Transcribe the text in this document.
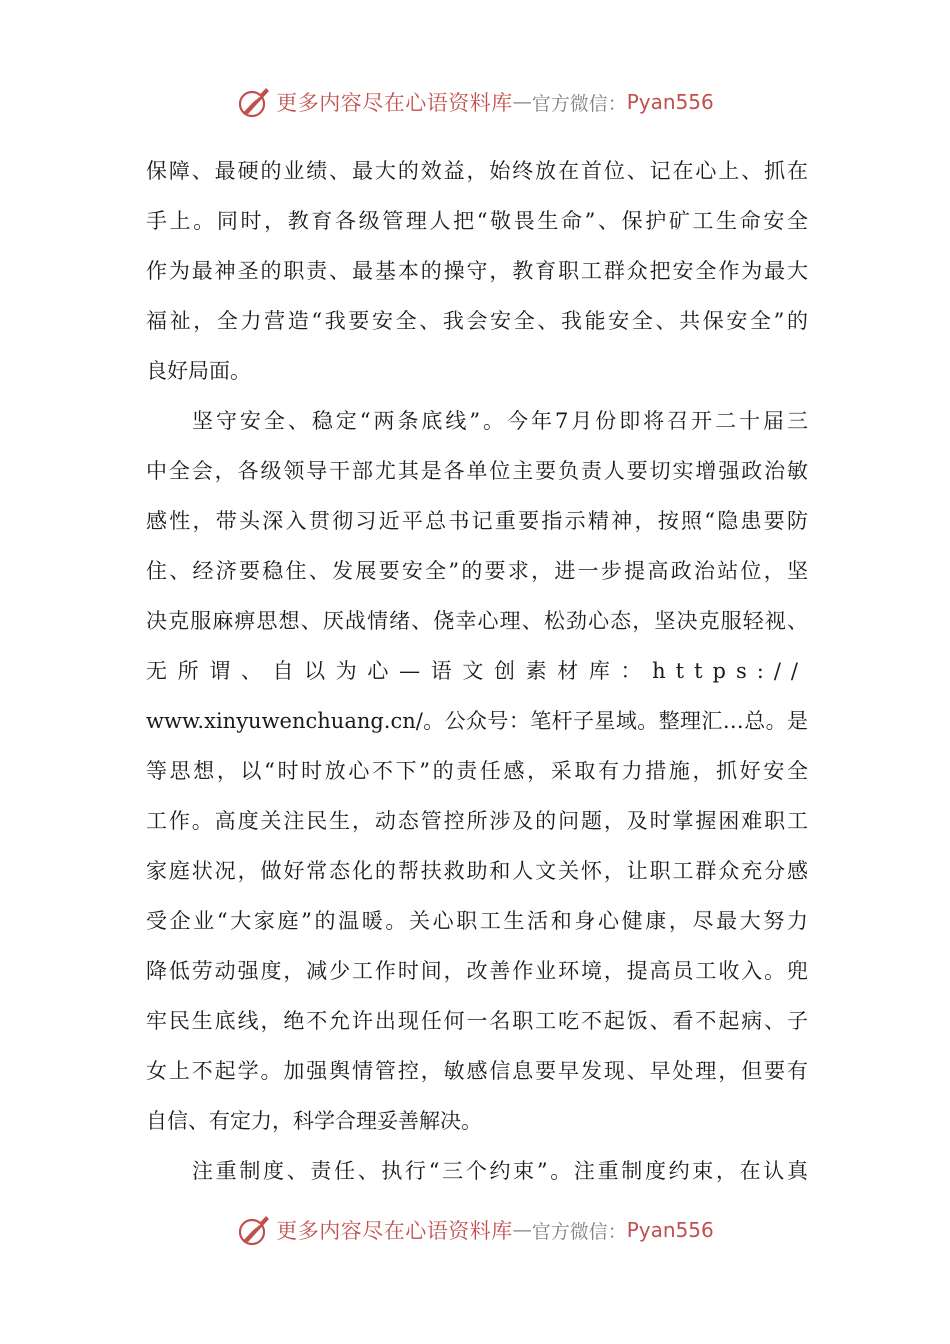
更多内容尽在心语资料库 — 官方微信： Pyan556
保障、最硬的业绩、最大的效益，始终放在首位、记在心上、抓在
手上。同时，教育各级管理人把“敬畏生命”、保护矿工生命安全
作为最神圣的职责、最基本的操守，教育职工群众把安全作为最大
福祉，全力营造“我要安全、我会安全、我能安全、共保安全”的
良好局面。
坚守安全、稳定“两条底线”。今年7月份即将召开二十届三
中全会，各级领导干部尤其是各单位主要负责人要切实增强政治敏
感性，带头深入贯彻习近平总书记重要指示精神，按照“隐患要防
住、经济要稳住、发展要安全”的要求，进一步提高政治站位，坚
决克服麻痹思想、厌战情绪、侥幸心理、松劲心态，坚决克服轻视、
无所谓、自以为心—语文创素材库：https://
www.xinyuwenchuang.cn/。公众号：笔杆子星域。整理汇…总。是
等思想，以“时时放心不下”的责任感，采取有力措施，抓好安全
工作。高度关注民生，动态管控所涉及的问题，及时掌握困难职工
家庭状况，做好常态化的帮扶救助和人文关怀，让职工群众充分感
受企业“大家庭”的温暖。关心职工生活和身心健康，尽最大努力
降低劳动强度，减少工作时间，改善作业环境，提高员工收入。兜
牢民生底线，绝不允许出现任何一名职工吃不起饭、看不起病、子
女上不起学。加强舆情管控，敏感信息要早发现、早处理，但要有
自信、有定力，科学合理妥善解决。
注重制度、责任、执行“三个约束”。注重制度约束，在认真
更多内容尽在心语资料库 — 官方微信： Pyan556
